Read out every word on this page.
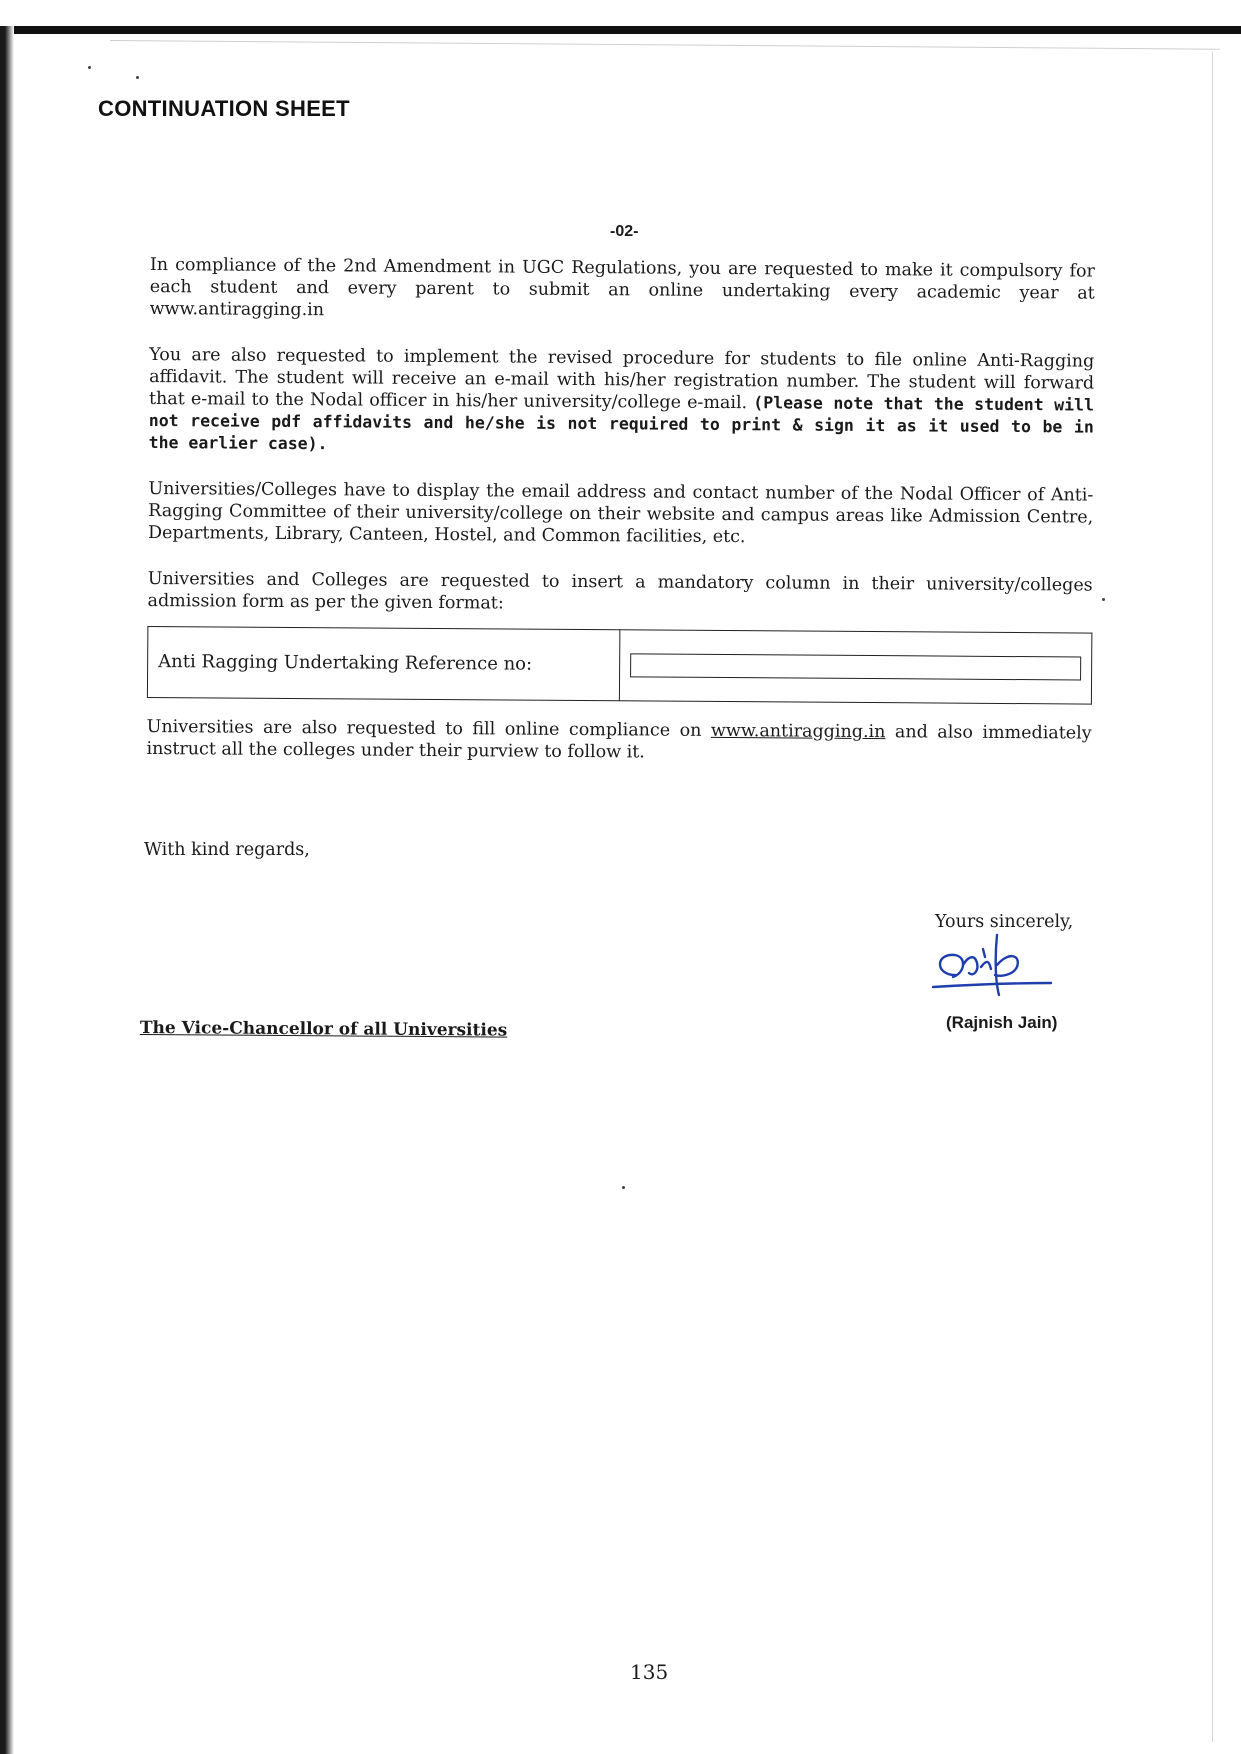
CONTINUATION SHEET
-02-

In compliance of the 2nd Amendment in UGC Regulations, you are requested to make it compulsory for each student and every parent to submit an online undertaking every academic year at www.antiragging.in

You are also requested to implement the revised procedure for students to file online Anti-Ragging affidavit. The student will receive an e-mail with his/her registration number. The student will forward that e-mail to the Nodal officer in his/her university/college e-mail. (Please note that the student will not receive pdf affidavits and he/she is not required to print & sign it as it used to be in the earlier case).

Universities/Colleges have to display the email address and contact number of the Nodal Officer of Anti-Ragging Committee of their university/college on their website and campus areas like Admission Centre, Departments, Library, Canteen, Hostel, and Common facilities, etc.

Universities and Colleges are requested to insert a mandatory column in their university/colleges admission form as per the given format:

Anti Ragging Undertaking Reference no:	

Universities are also requested to fill online compliance on www.antiragging.in and also immediately instruct all the colleges under their purview to follow it.

With kind regards,
Yours sincerely,
(Rajnish Jain)
The Vice-Chancellor of all Universities
135
